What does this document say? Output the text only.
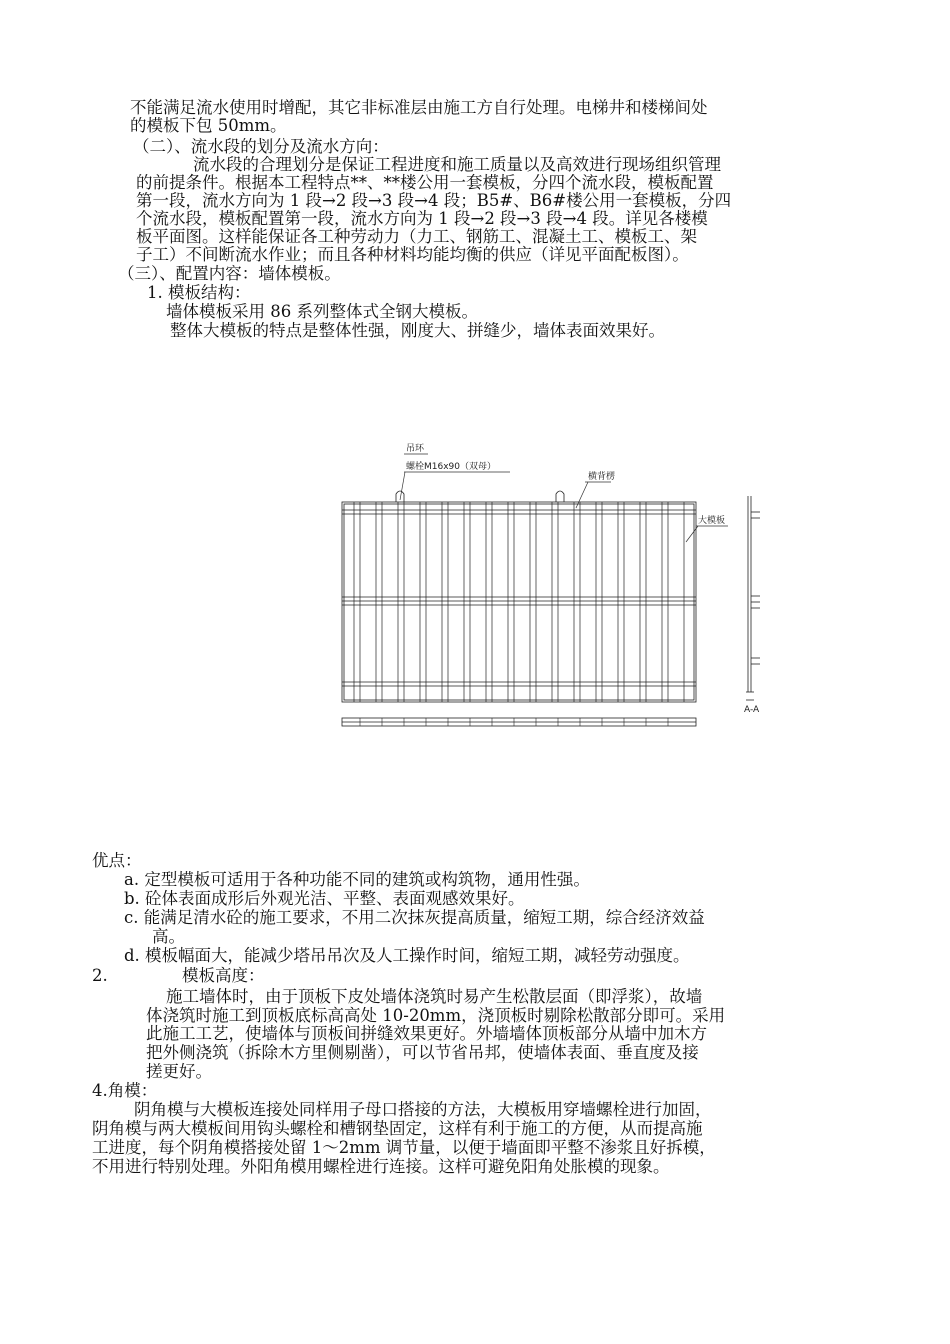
不能满足流水使用时增配，其它非标准层由施工方自行处理。电梯井和楼梯间处
的模板下包 50mm。
（二）、流水段的划分及流水方向：
流水段的合理划分是保证工程进度和施工质量以及高效进行现场组织管理
的前提条件。根据本工程特点**、**楼公用一套模板，分四个流水段，模板配置
第一段，流水方向为 1 段→2 段→3 段→4 段；B5#、B6#楼公用一套模板，分四
个流水段，模板配置第一段，流水方向为 1 段→2 段→3 段→4 段。详见各楼模
板平面图。这样能保证各工种劳动力（力工、钢筋工、混凝土工、模板工、架
子工）不间断流水作业；而且各种材料均能均衡的供应（详见平面配板图）。
（三）、配置内容：墙体模板。
1. 模板结构：
墙体模板采用 86 系列整体式全钢大模板。
整体大模板的特点是整体性强，刚度大、拼缝少，墙体表面效果好。
吊环
螺栓M16x90（双母）
横背楞
大模板
A-A
优点：
a. 定型模板可适用于各种功能不同的建筑或构筑物，通用性强。
b. 砼体表面成形后外观光洁、平整、表面观感效果好。
c. 能满足清水砼的施工要求，不用二次抹灰提高质量，缩短工期，综合经济效益
高。
d. 模板幅面大，能减少塔吊吊次及人工操作时间，缩短工期，减轻劳动强度。
2.	模板高度：
施工墙体时，由于顶板下皮处墙体浇筑时易产生松散层面（即浮浆），故墙
体浇筑时施工到顶板底标高高处 10-20mm，浇顶板时剔除松散部分即可。采用
此施工工艺，使墙体与顶板间拼缝效果更好。外墙墙体顶板部分从墙中加木方
把外侧浇筑（拆除木方里侧剔凿），可以节省吊邦，使墙体表面、垂直度及接
搓更好。
4.角模：
阴角模与大模板连接处同样用子母口搭接的方法，大模板用穿墙螺栓进行加固，
阴角模与两大模板间用钩头螺栓和槽钢垫固定，这样有利于施工的方便，从而提高施
工进度，每个阴角模搭接处留 1～2mm 调节量，以便于墙面即平整不渗浆且好拆模，
不用进行特别处理。外阳角模用螺栓进行连接。这样可避免阳角处胀模的现象。
